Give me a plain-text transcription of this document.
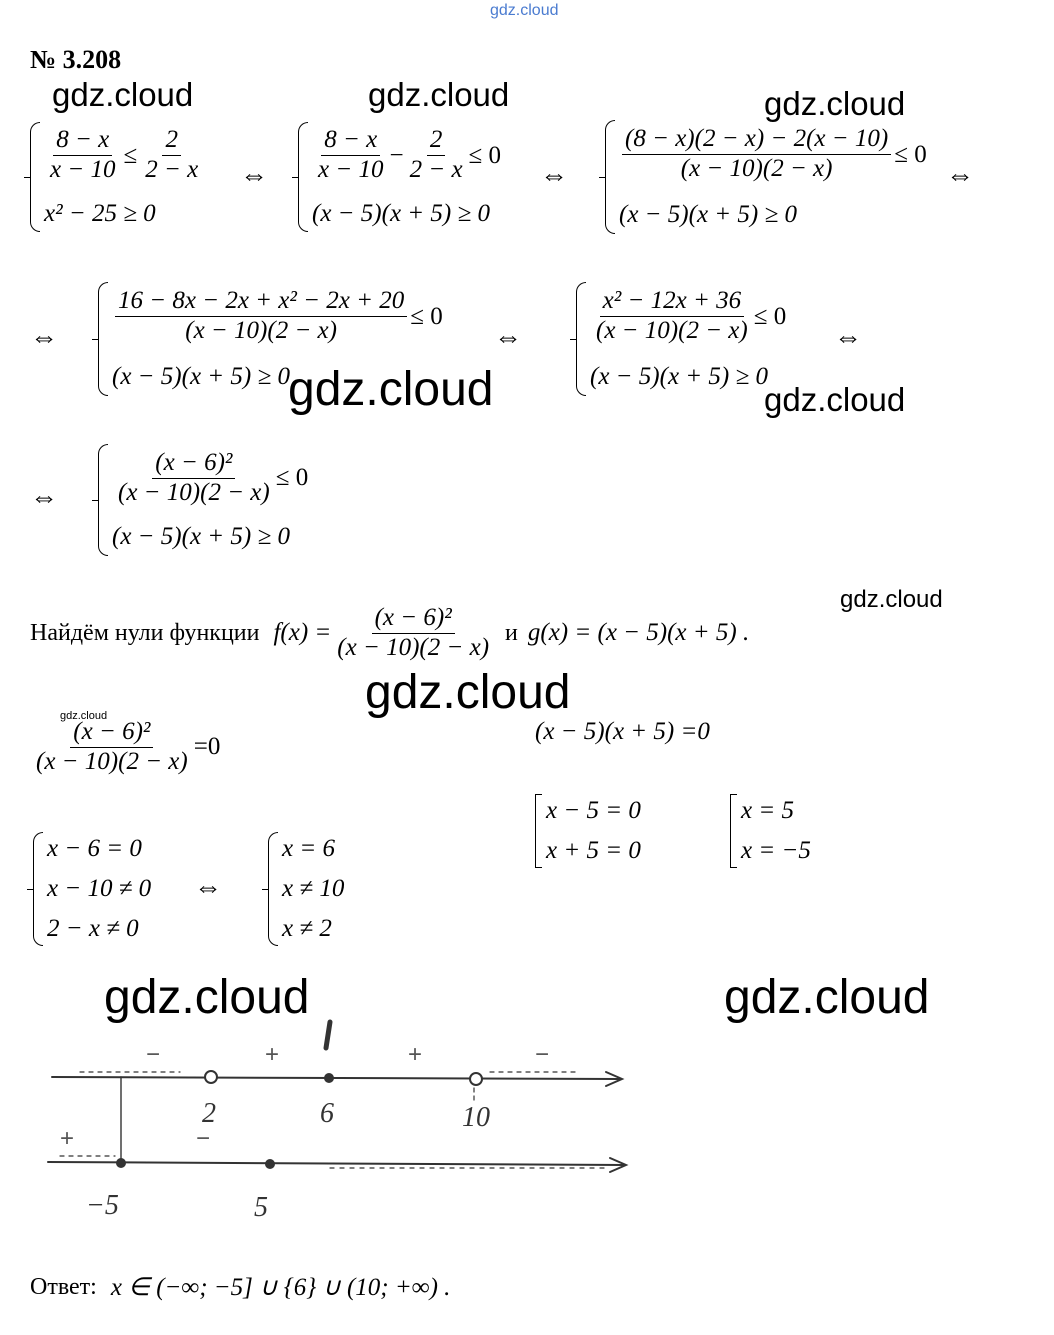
gdz.cloud
№ 3.208
gdz.cloud	gdz.cloud	gdz.cloud
gdz.cloud	gdz.cloud
gdz.cloud
gdz.cloud
gdz.cloud
gdz.cloud	gdz.cloud
$\frac{8 - x}{x - 10} \le \frac{2}{2 - x}$
x² − 25 ≥ 0
⇔ $\frac{8 - x}{x - 10} - \frac{2}{2 - x} \le 0$
(x − 5)(x + 5) ≥ 0
⇔ $\frac{(8 - x)(2 - x) - 2(x - 10)}{(x - 10)(2 - x)} \le 0$
(x − 5)(x + 5) ≥ 0
⇔
⇔ $\frac{\text{16 − 8x − 2x + x² − 2x + 20}}{(x - 10)(2 - x)} \le 0$
(x − 5)(x + 5) ≥ 0
⇔	$\frac{\text{x² − 12x + 36}}{(x - 10)(2 - x)} \le 0$
(x − 5)(x + 5) ≥ 0
⇔
⇔ $\frac{\text{(x − 6)²}}{(x - 10)(2 - x)} \le 0$
(x − 5)(x + 5) ≥ 0
Найдём нули функции $f(x) = \frac{\text{(x − 6)²}}{(x - 10)(2 - x)}$ и g(x) = (x − 5)(x + 5) .
$\frac{\text{(x − 6)²}}{(x - 10)(2 - x)} =0$
(x − 5)(x + 5) =0
x − 5 = 0
x + 5 = 0
x = 5
x = −5
x − 6 = 0
x − 10 ≠ 0
2 − x ≠ 0
⇔
x = 6
x ≠ 10
x ≠ 2
−	+	+	−
+	−
2	6	10
−5	5
Ответ: x ∈ (−∞; −5] ∪ {6} ∪ (10; +∞) .
